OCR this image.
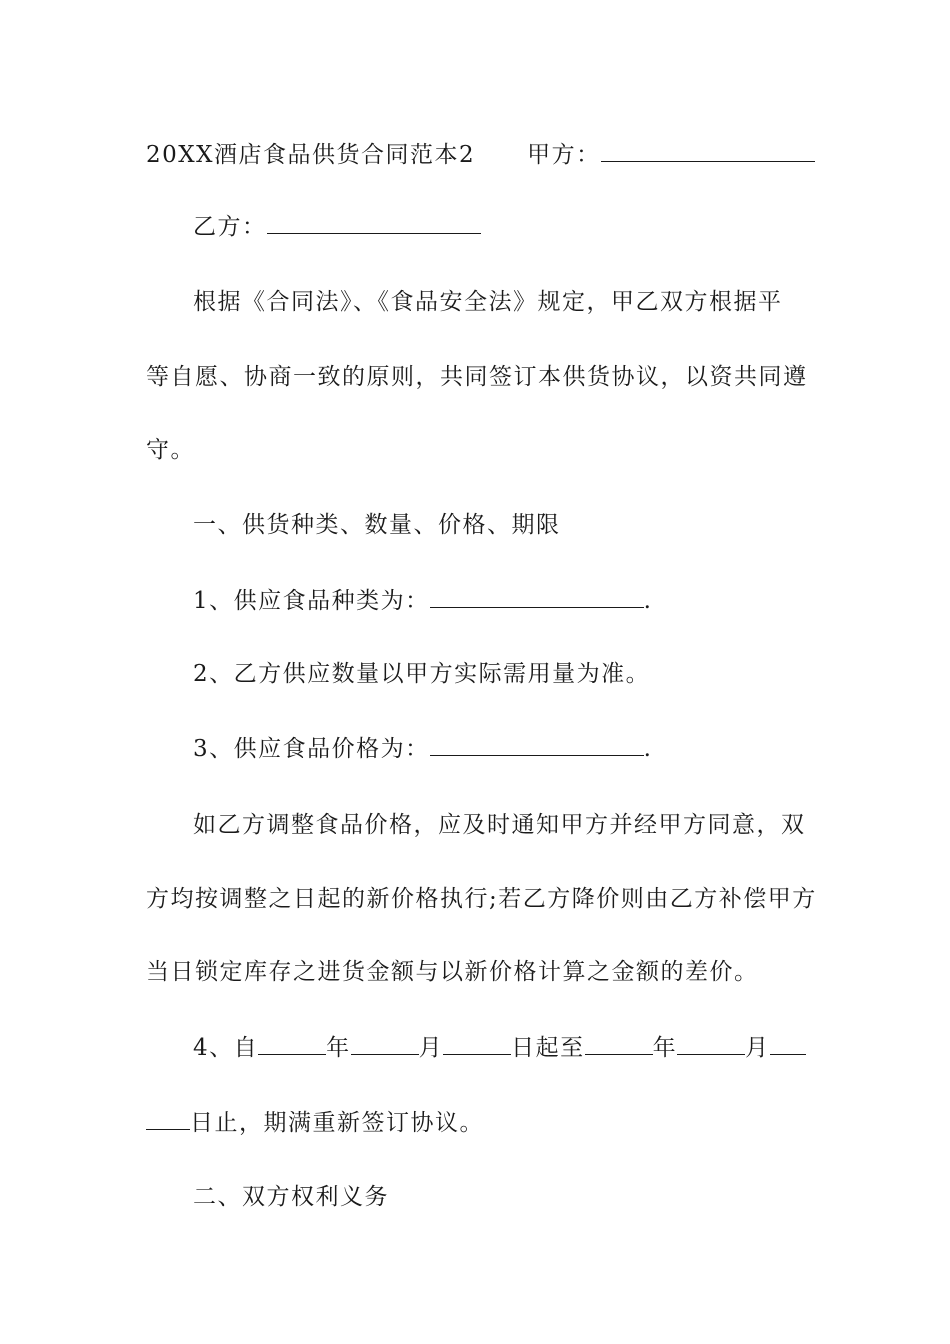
20XX酒店食品供货合同范本2 甲方：
乙方：
根据《合同法》、《食品安全法》规定，甲乙双方根据平
等自愿、协商一致的原则，共同签订本供货协议，以资共同遵
守。
一、供货种类、数量、价格、期限
1、供应食品种类为：	.
2、乙方供应数量以甲方实际需用量为准。
3、供应食品价格为：	.
如乙方调整食品价格，应及时通知甲方并经甲方同意，双
方均按调整之日起的新价格执行;若乙方降价则由乙方补偿甲方
当日锁定库存之进货金额与以新价格计算之金额的差价。
4、自	年	月	日起至	年	月
日止，期满重新签订协议。
二、双方权利义务
